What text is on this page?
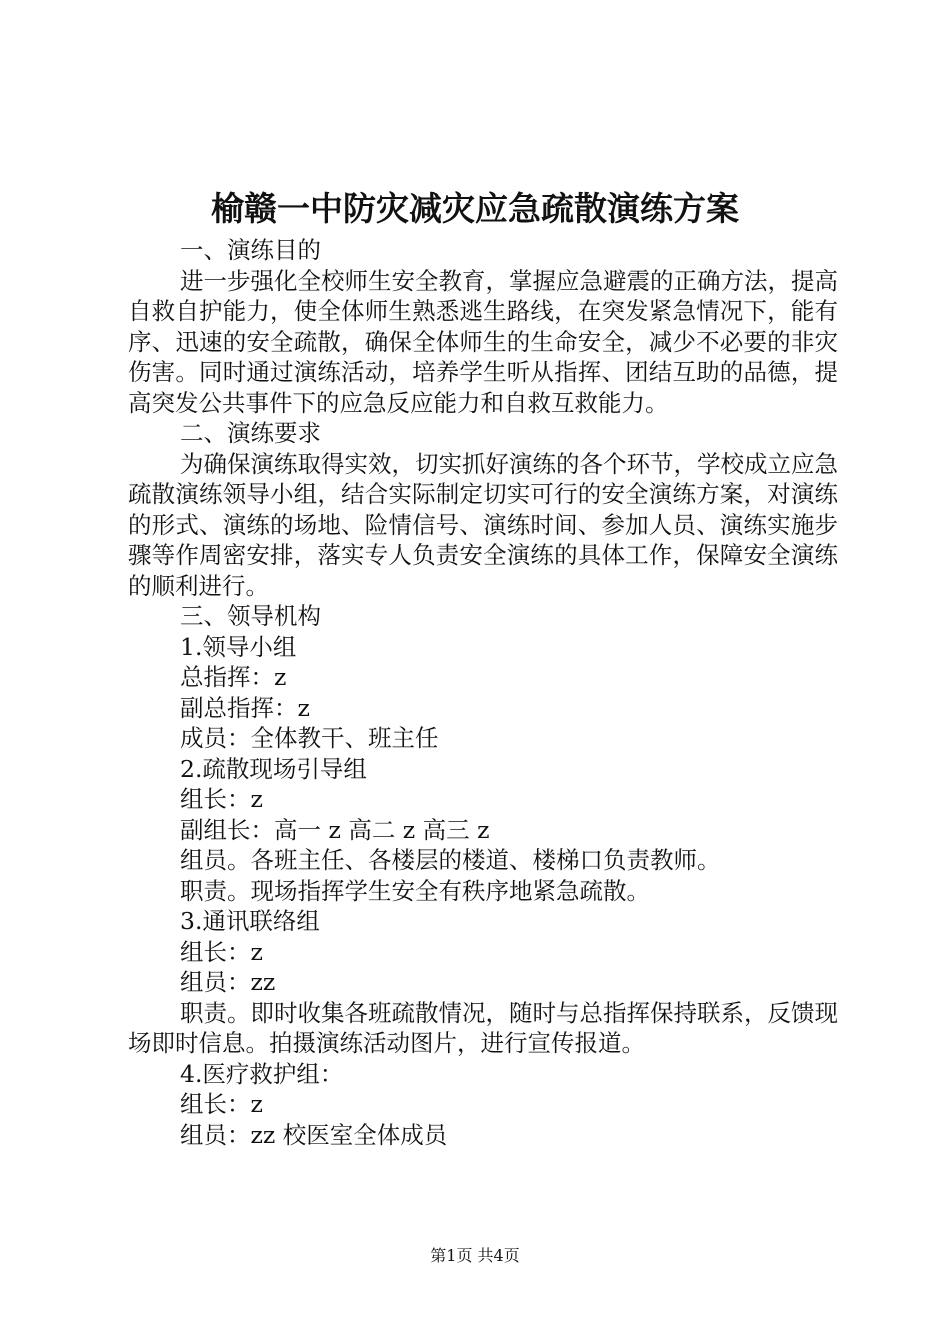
榆赣一中防灾减灾应急疏散演练方案

一、演练目的

进一步强化全校师生安全教育，掌握应急避震的正确方法，提高自救自护能力，使全体师生熟悉逃生路线，在突发紧急情况下，能有序、迅速的安全疏散，确保全体师生的生命安全，减少不必要的非灾伤害。同时通过演练活动，培养学生听从指挥、团结互助的品德，提高突发公共事件下的应急反应能力和自救互救能力。

二、演练要求

为确保演练取得实效，切实抓好演练的各个环节，学校成立应急疏散演练领导小组，结合实际制定切实可行的安全演练方案，对演练的形式、演练的场地、险情信号、演练时间、参加人员、演练实施步骤等作周密安排，落实专人负责安全演练的具体工作，保障安全演练的顺利进行。

三、领导机构

1.领导小组

总指挥：z

副总指挥：z

成员：全体教干、班主任

2.疏散现场引导组

组长：z

副组长：高一 z 高二 z 高三 z

组员。各班主任、各楼层的楼道、楼梯口负责教师。

职责。现场指挥学生安全有秩序地紧急疏散。

3.通讯联络组

组长：z

组员：zz

职责。即时收集各班疏散情况，随时与总指挥保持联系，反馈现场即时信息。拍摄演练活动图片，进行宣传报道。

4.医疗救护组：

组长：z

组员：zz 校医室全体成员

第1页 共4页
